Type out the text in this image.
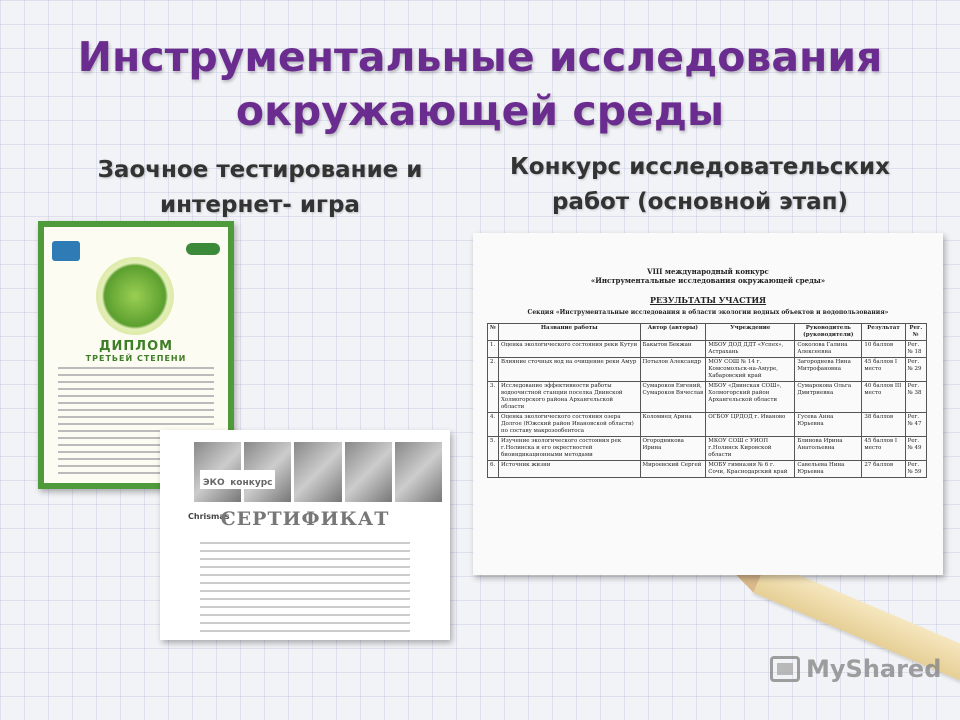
Инструментальные исследования
окружающей среды

Заочное тестирование и
интернет- игра

Конкурс исследовательских
работ (основной этап)

ДИПЛОМ
ТРЕТЬЕЙ СТЕПЕНИ
ЭКО конкурс
Chrismas
СЕРТИФИКАТ
VIII международный конкурс
«Инструментальные исследования окружающей среды»
РЕЗУЛЬТАТЫ УЧАСТИЯ
Секция «Инструментальные исследования в области экологии водных объектов и водопользования»
№	Название работы	Автор (авторы)	Учреждение	Руководитель (руководители)	Результат	Рег. №
1.	Оценка экологического состояния реки Кутуи	Бакытов Бекжан	МБОУ ДОД ДДТ «Успех», Астрахань	Соколова Галина Алексеевна	10 баллов	Рег. № 18
2.	Влияние сточных вод на очищение реки Амур	Потылов Александр	МОУ СОШ № 14 г. Комсомольск-на-Амуре, Хабаровский край	Загороднева Нина Митрофановна	45 баллов I место	Рег. № 29
3.	Исследование эффективности работы водоочистной станции поселка Двинской Холмогорского района Архангельской области	Сумароков Евгений, Сумароков Вячеслав	МБОУ «Двинская СОШ», Холмогорский район Архангельской области	Сумарокова Ольга Дмитриевна	40 баллов III место	Рег. № 38
4.	Оценка экологического состояния озера Долгое (Южский район Ивановской области) по составу макрозообентоса	Коломиец Арина	ОГБОУ ЦРДОД г. Иваново	Гусева Анна Юрьевна	38 баллов	Рег. № 47
5.	Изучение экологического состояния рек г.Нолинска и его окрестностей биоиндикационными методами	Огородникова Ирина	МКОУ СОШ с УИОП г.Нолинск Кировской области	Блинова Ирина Анатольевна	45 баллов I место	Рег. № 49
6.	Источник жизни	Мироевский Сергей	МОБУ гимназия № 6 г. Сочи, Краснодарский край	Савельева Нина Юрьевна	27 баллов	Рег. № 59
MyShared
